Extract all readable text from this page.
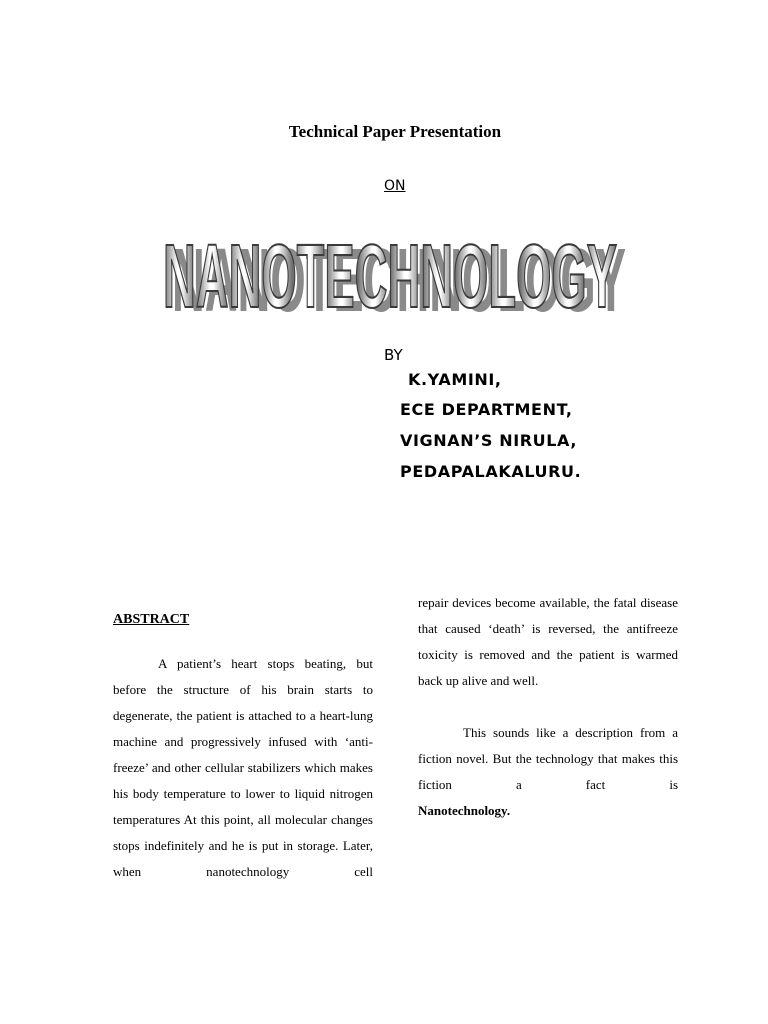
Technical Paper Presentation
ON
NANOTECHNOLOGY
NANOTECHNOLOGY
BY
K.YAMINI,
ECE DEPARTMENT,
VIGNAN’S NIRULA,
PEDAPALAKALURU.
ABSTRACT

A patient’s heart stops beating, but before the structure of his brain starts to degenerate, the patient is attached to a heart-lung machine and progressively infused with ‘anti-freeze’ and other cellular stabilizers which makes his body temperature to lower to liquid nitrogen temperatures At this point, all molecular changes stops indefinitely and he is put in storage. Later, when nanotechnology cell

repair devices become available, the fatal disease that caused ‘death’ is reversed, the antifreeze toxicity is removed and the patient is warmed back up alive and well.

This sounds like a description from a fiction novel. But the technology that makes this fiction a fact is

Nanotechnology.
